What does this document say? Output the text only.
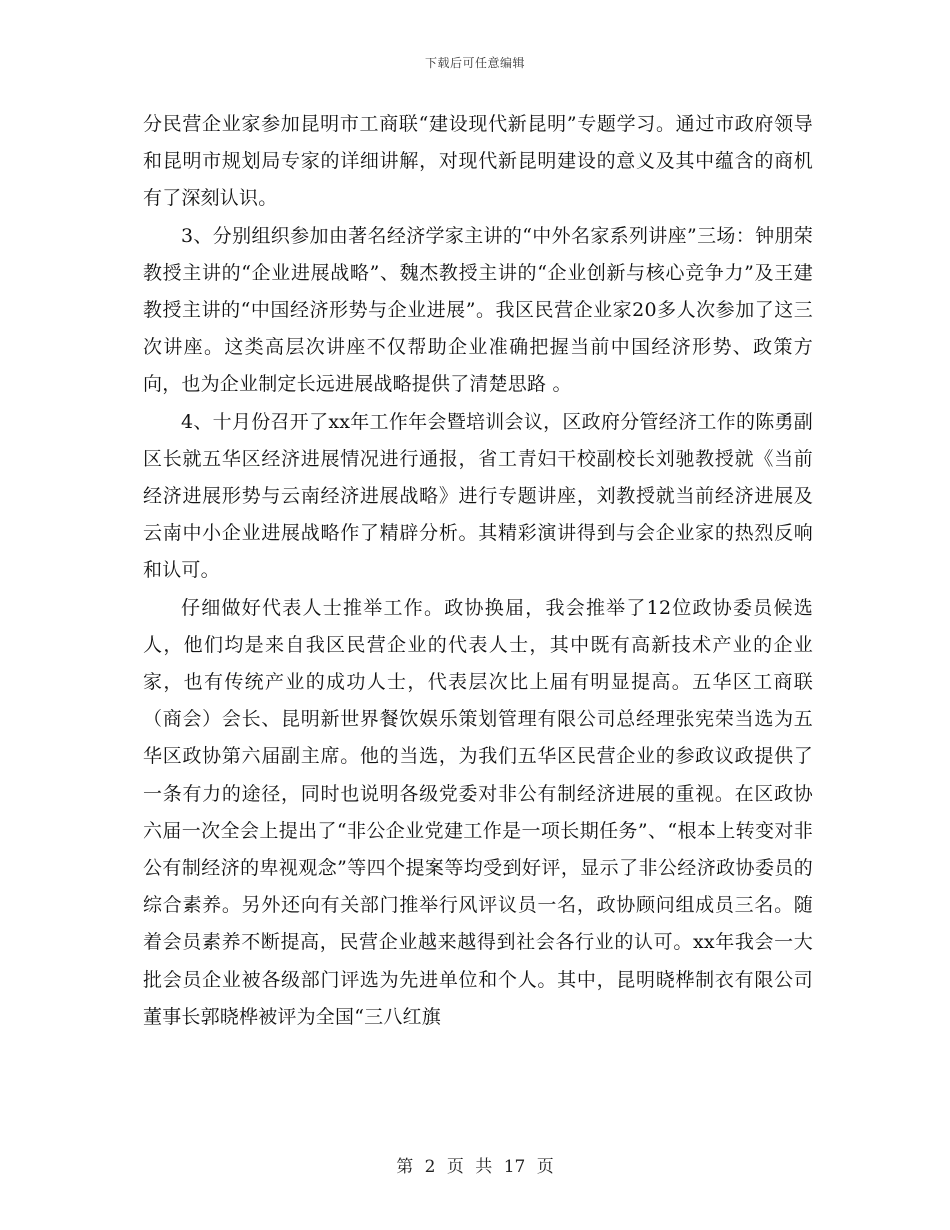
下载后可任意编辑

分民营企业家参加昆明市工商联“建设现代新昆明”专题学习。通过市政府领导和昆明市规划局专家的详细讲解，对现代新昆明建设的意义及其中蕴含的商机有了深刻认识。

3、分别组织参加由著名经济学家主讲的“中外名家系列讲座”三场：钟朋荣教授主讲的“企业进展战略”、魏杰教授主讲的“企业创新与核心竞争力”及王建教授主讲的“中国经济形势与企业进展”。我区民营企业家20多人次参加了这三次讲座。这类高层次讲座不仅帮助企业准确把握当前中国经济形势、政策方向，也为企业制定长远进展战略提供了清楚思路 。

4、十月份召开了xx年工作年会暨培训会议，区政府分管经济工作的陈勇副区长就五华区经济进展情况进行通报，省工青妇干校副校长刘驰教授就《当前经济进展形势与云南经济进展战略》进行专题讲座，刘教授就当前经济进展及云南中小企业进展战略作了精辟分析。其精彩演讲得到与会企业家的热烈反响和认可。

仔细做好代表人士推举工作。政协换届，我会推举了12位政协委员候选人，他们均是来自我区民营企业的代表人士，其中既有高新技术产业的企业家，也有传统产业的成功人士，代表层次比上届有明显提高。五华区工商联（商会）会长、昆明新世界餐饮娱乐策划管理有限公司总经理张宪荣当选为五华区政协第六届副主席。他的当选，为我们五华区民营企业的参政议政提供了一条有力的途径，同时也说明各级党委对非公有制经济进展的重视。在区政协六届一次全会上提出了“非公企业党建工作是一项长期任务”、“根本上转变对非公有制经济的卑视观念”等四个提案等均受到好评，显示了非公经济政协委员的综合素养。另外还向有关部门推举行风评议员一名，政协顾问组成员三名。随着会员素养不断提高，民营企业越来越得到社会各行业的认可。xx年我会一大批会员企业被各级部门评选为先进单位和个人。其中，昆明晓桦制衣有限公司董事长郭晓桦被评为全国“三八红旗

第 2 页 共 17 页
